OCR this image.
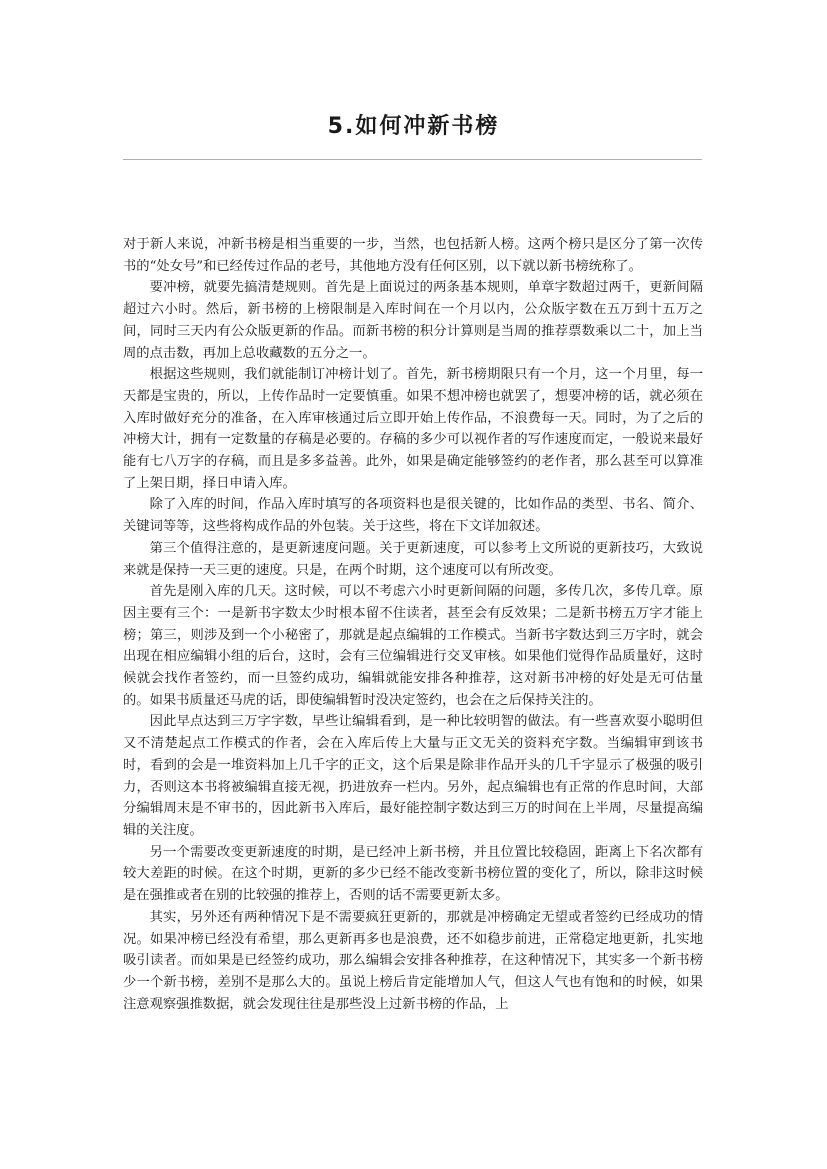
5.如何冲新书榜

对于新人来说，冲新书榜是相当重要的一步，当然，也包括新人榜。这两个榜只是区分了第一次传书的“处女号”和已经传过作品的老号，其他地方没有任何区别，以下就以新书榜统称了。

要冲榜，就要先搞清楚规则。首先是上面说过的两条基本规则，单章字数超过两千，更新间隔超过六小时。然后，新书榜的上榜限制是入库时间在一个月以内，公众版字数在五万到十五万之间，同时三天内有公众版更新的作品。而新书榜的积分计算则是当周的推荐票数乘以二十，加上当周的点击数，再加上总收藏数的五分之一。

根据这些规则，我们就能制订冲榜计划了。首先，新书榜期限只有一个月，这一个月里，每一天都是宝贵的，所以，上传作品时一定要慎重。如果不想冲榜也就罢了，想要冲榜的话，就必须在入库时做好充分的准备，在入库审核通过后立即开始上传作品，不浪费每一天。同时，为了之后的冲榜大计，拥有一定数量的存稿是必要的。存稿的多少可以视作者的写作速度而定，一般说来最好能有七八万字的存稿，而且是多多益善。此外，如果是确定能够签约的老作者，那么甚至可以算准了上架日期，择日申请入库。

除了入库的时间，作品入库时填写的各项资料也是很关键的，比如作品的类型、书名、简介、关键词等等，这些将构成作品的外包装。关于这些，将在下文详加叙述。

第三个值得注意的，是更新速度问题。关于更新速度，可以参考上文所说的更新技巧，大致说来就是保持一天三更的速度。只是，在两个时期，这个速度可以有所改变。

首先是刚入库的几天。这时候，可以不考虑六小时更新间隔的问题，多传几次，多传几章。原因主要有三个：一是新书字数太少时根本留不住读者，甚至会有反效果；二是新书榜五万字才能上榜；第三，则涉及到一个小秘密了，那就是起点编辑的工作模式。当新书字数达到三万字时，就会出现在相应编辑小组的后台，这时，会有三位编辑进行交叉审核。如果他们觉得作品质量好，这时候就会找作者签约，而一旦签约成功，编辑就能安排各种推荐，这对新书冲榜的好处是无可估量的。如果书质量还马虎的话，即使编辑暂时没决定签约，也会在之后保持关注的。

因此早点达到三万字字数，早些让编辑看到，是一种比较明智的做法。有一些喜欢耍小聪明但又不清楚起点工作模式的作者，会在入库后传上大量与正文无关的资料充字数。当编辑审到该书时，看到的会是一堆资料加上几千字的正文，这个后果是除非作品开头的几千字显示了极强的吸引力，否则这本书将被编辑直接无视，扔进放弃一栏内。另外，起点编辑也有正常的作息时间，大部分编辑周末是不审书的，因此新书入库后，最好能控制字数达到三万的时间在上半周，尽量提高编辑的关注度。

另一个需要改变更新速度的时期，是已经冲上新书榜，并且位置比较稳固，距离上下名次都有较大差距的时候。在这个时期，更新的多少已经不能改变新书榜位置的变化了，所以，除非这时候是在强推或者在别的比较强的推荐上，否则的话不需要更新太多。

其实，另外还有两种情况下是不需要疯狂更新的，那就是冲榜确定无望或者签约已经成功的情况。如果冲榜已经没有希望，那么更新再多也是浪费，还不如稳步前进，正常稳定地更新，扎实地吸引读者。而如果是已经签约成功，那么编辑会安排各种推荐，在这种情况下，其实多一个新书榜少一个新书榜，差别不是那么大的。虽说上榜后肯定能增加人气，但这人气也有饱和的时候，如果注意观察强推数据，就会发现往往是那些没上过新书榜的作品，上
